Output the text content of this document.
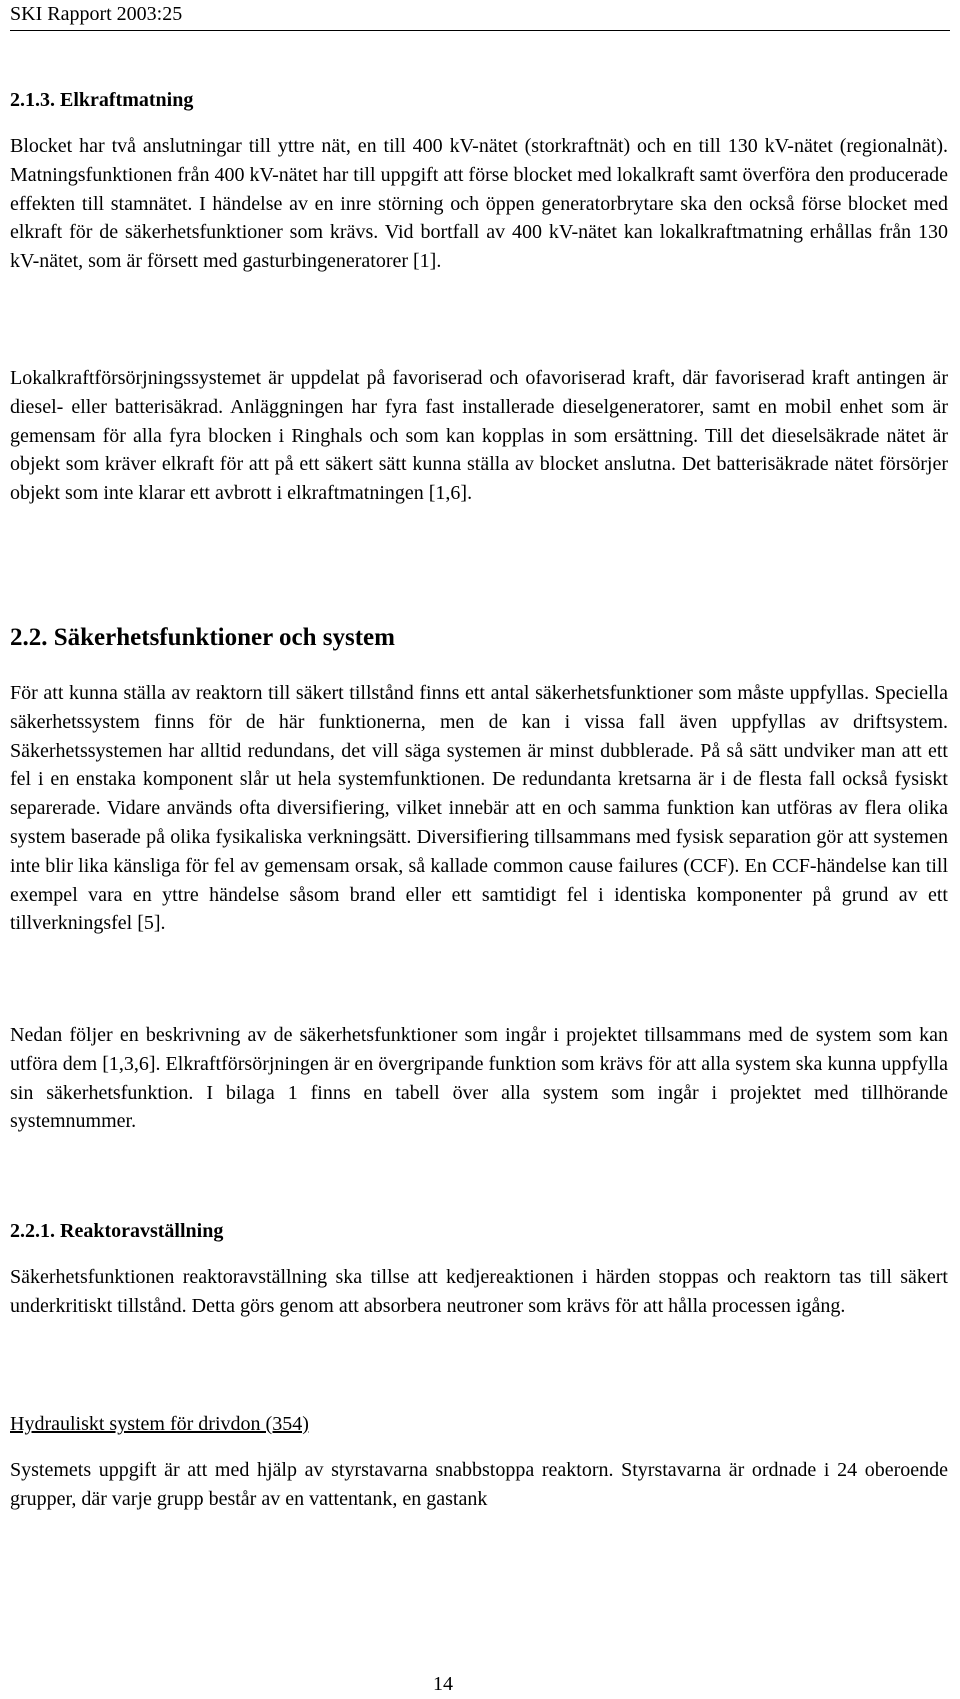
SKI Rapport 2003:25
2.1.3. Elkraftmatning

Blocket har två anslutningar till yttre nät, en till 400 kV-nätet (storkraftnät) och en till 130 kV-nätet (regionalnät). Matningsfunktionen från 400 kV-nätet har till uppgift att förse blocket med lokalkraft samt överföra den producerade effekten till stamnätet. I händelse av en inre störning och öppen generatorbrytare ska den också förse blocket med elkraft för de säkerhetsfunktioner som krävs. Vid bortfall av 400 kV-nätet kan lokalkraftmatning erhållas från 130 kV-nätet, som är försett med gasturbingeneratorer [1].

Lokalkraftförsörjningssystemet är uppdelat på favoriserad och ofavoriserad kraft, där favoriserad kraft antingen är diesel- eller batterisäkrad. Anläggningen har fyra fast installerade dieselgeneratorer, samt en mobil enhet som är gemensam för alla fyra blocken i Ringhals och som kan kopplas in som ersättning. Till det dieselsäkrade nätet är objekt som kräver elkraft för att på ett säkert sätt kunna ställa av blocket anslutna. Det batterisäkrade nätet försörjer objekt som inte klarar ett avbrott i elkraftmatningen [1,6].

2.2. Säkerhetsfunktioner och system

För att kunna ställa av reaktorn till säkert tillstånd finns ett antal säkerhetsfunktioner som måste uppfyllas. Speciella säkerhetssystem finns för de här funktionerna, men de kan i vissa fall även uppfyllas av driftsystem. Säkerhetssystemen har alltid redundans, det vill säga systemen är minst dubblerade. På så sätt undviker man att ett fel i en enstaka komponent slår ut hela systemfunktionen. De redundanta kretsarna är i de flesta fall också fysiskt separerade. Vidare används ofta diversifiering, vilket innebär att en och samma funktion kan utföras av flera olika system baserade på olika fysikaliska verkningsätt. Diversifiering tillsammans med fysisk separation gör att systemen inte blir lika känsliga för fel av gemensam orsak, så kallade common cause failures (CCF). En CCF-händelse kan till exempel vara en yttre händelse såsom brand eller ett samtidigt fel i identiska komponenter på grund av ett tillverkningsfel [5].

Nedan följer en beskrivning av de säkerhetsfunktioner som ingår i projektet tillsammans med de system som kan utföra dem [1,3,6]. Elkraftförsörjningen är en övergripande funktion som krävs för att alla system ska kunna uppfylla sin säkerhetsfunktion. I bilaga 1 finns en tabell över alla system som ingår i projektet med tillhörande systemnummer.

2.2.1. Reaktoravställning

Säkerhetsfunktionen reaktoravställning ska tillse att kedjereaktionen i härden stoppas och reaktorn tas till säkert underkritiskt tillstånd. Detta görs genom att absorbera neutroner som krävs för att hålla processen igång.

Hydrauliskt system för drivdon (354)

Systemets uppgift är att med hjälp av styrstavarna snabbstoppa reaktorn. Styrstavarna är ordnade i 24 oberoende grupper, där varje grupp består av en vattentank, en gastank

14
